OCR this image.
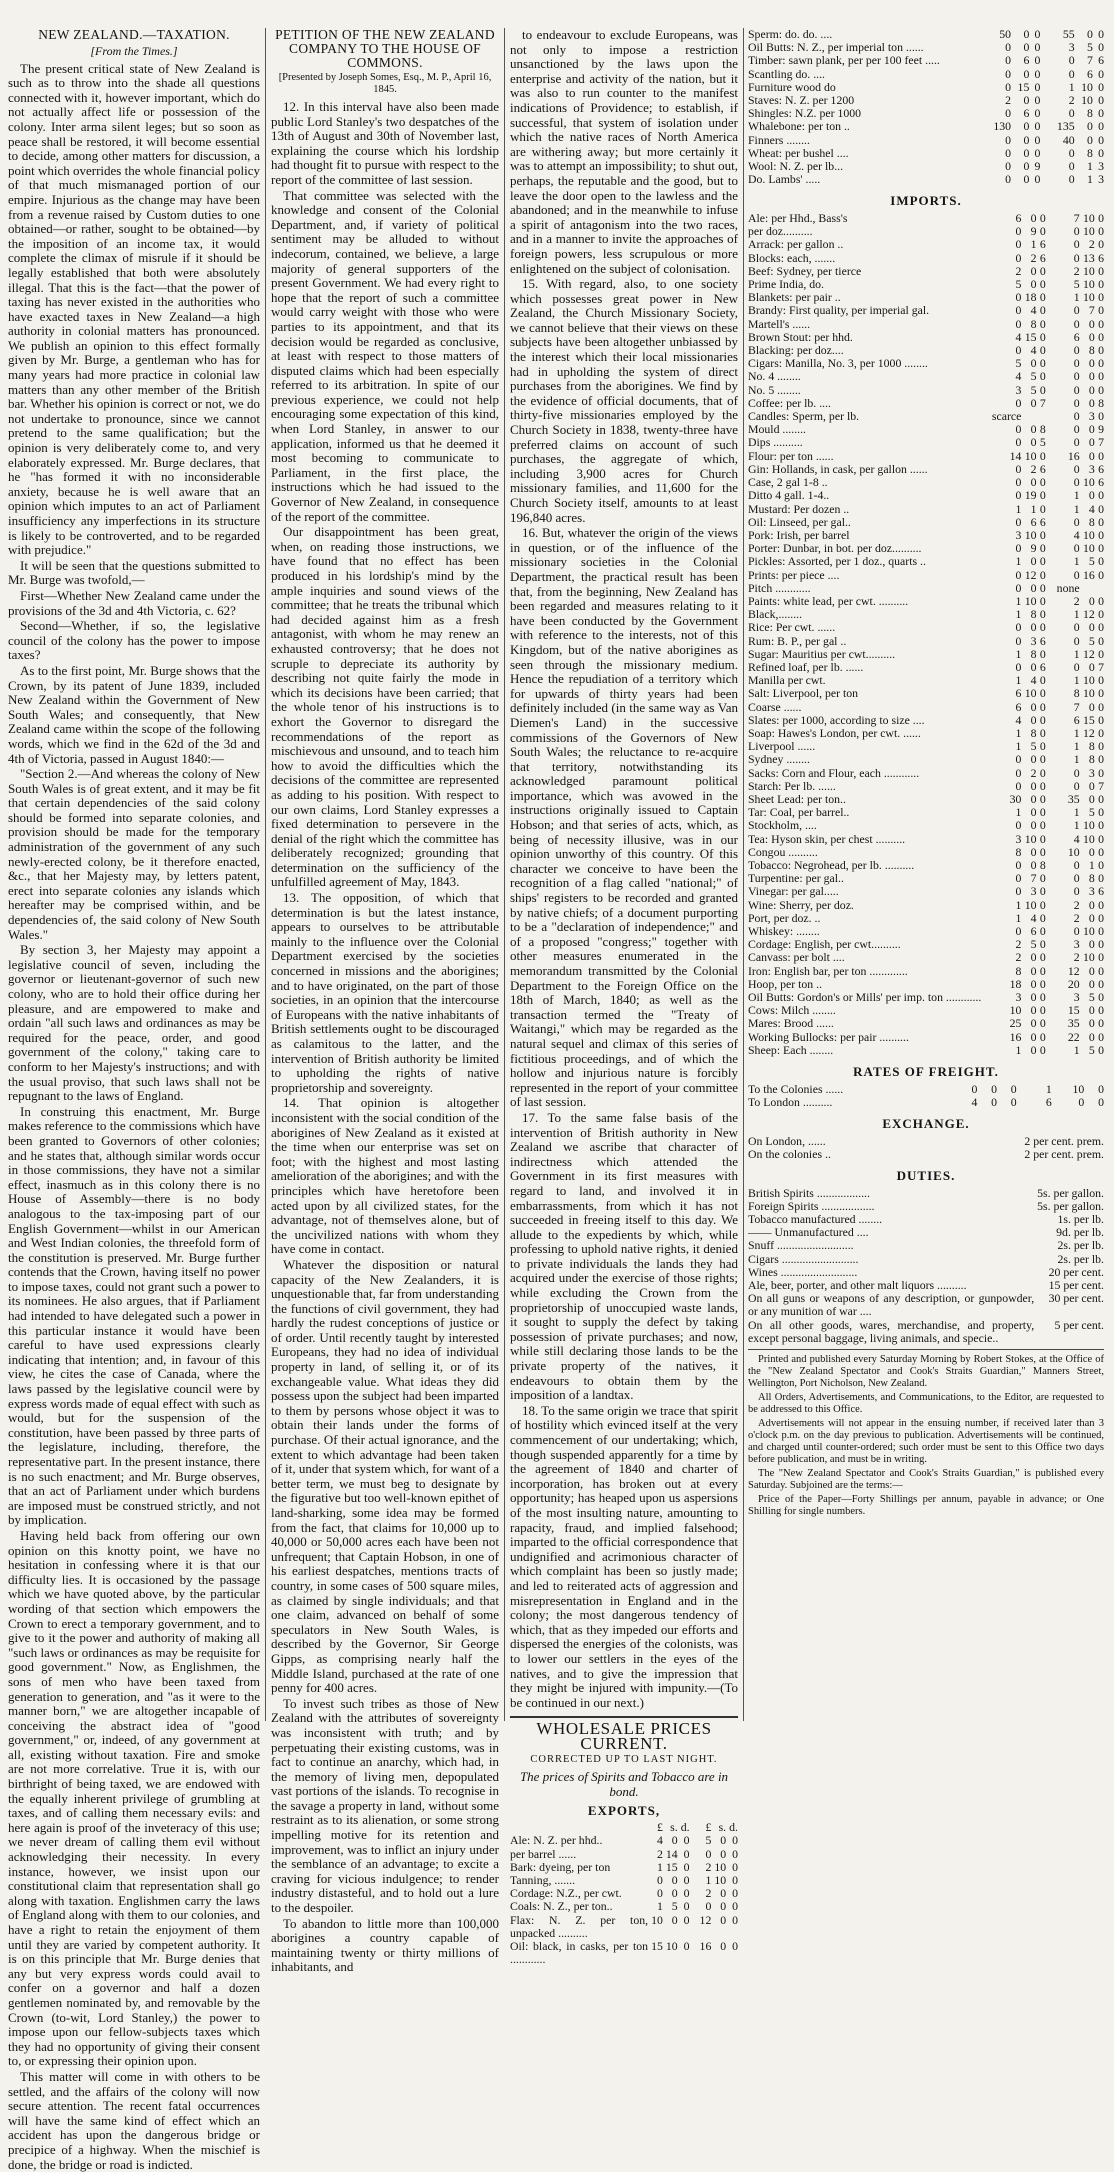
NEW ZEALAND.—TAXATION.
[From the Times.]

The present critical state of New Zealand is such as to throw into the shade all questions connected with it, however important, which do not actually affect life or possession of the colony. Inter arma silent leges; but so soon as peace shall be restored, it will become essential to decide, among other matters for discussion, a point which overrides the whole financial policy of that much mismanaged portion of our empire. Injurious as the change may have been from a revenue raised by Custom duties to one obtained—or rather, sought to be obtained—by the imposition of an income tax, it would complete the climax of misrule if it should be legally established that both were absolutely illegal. That this is the fact—that the power of taxing has never existed in the authorities who have exacted taxes in New Zealand—a high authority in colonial matters has pronounced. We publish an opinion to this effect formally given by Mr. Burge, a gentleman who has for many years had more practice in colonial law matters than any other member of the British bar. Whether his opinion is correct or not, we do not undertake to pronounce, since we cannot pretend to the same qualification; but the opinion is very deliberately come to, and very elaborately expressed. Mr. Burge declares, that he "has formed it with no inconsiderable anxiety, because he is well aware that an opinion which imputes to an act of Parliament insufficiency any imperfections in its structure is likely to be controverted, and to be regarded with prejudice."

It will be seen that the questions submitted to Mr. Burge was twofold,—

First—Whether New Zealand came under the provisions of the 3d and 4th Victoria, c. 62?

Second—Whether, if so, the legislative council of the colony has the power to impose taxes?

As to the first point, Mr. Burge shows that the Crown, by its patent of June 1839, included New Zealand within the Government of New South Wales; and consequently, that New Zealand came within the scope of the following words, which we find in the 62d of the 3d and 4th of Victoria, passed in August 1840:—

"Section 2.—And whereas the colony of New South Wales is of great extent, and it may be fit that certain dependencies of the said colony should be formed into separate colonies, and provision should be made for the temporary administration of the government of any such newly-erected colony, be it therefore enacted, &c., that her Majesty may, by letters patent, erect into separate colonies any islands which hereafter may be comprised within, and be dependencies of, the said colony of New South Wales."

By section 3, her Majesty may appoint a legislative council of seven, including the governor or lieutenant-governor of such new colony, who are to hold their office during her pleasure, and are empowered to make and ordain "all such laws and ordinances as may be required for the peace, order, and good government of the colony," taking care to conform to her Majesty's instructions; and with the usual proviso, that such laws shall not be repugnant to the laws of England.

In construing this enactment, Mr. Burge makes reference to the commissions which have been granted to Governors of other colonies; and he states that, although similar words occur in those commissions, they have not a similar effect, inasmuch as in this colony there is no House of Assembly—there is no body analogous to the tax-imposing part of our English Government—whilst in our American and West Indian colonies, the threefold form of the constitution is preserved. Mr. Burge further contends that the Crown, having itself no power to impose taxes, could not grant such a power to its nominees. He also argues, that if Parliament had intended to have delegated such a power in this particular instance it would have been careful to have used expressions clearly indicating that intention; and, in favour of this view, he cites the case of Canada, where the laws passed by the legislative council were by express words made of equal effect with such as would, but for the suspension of the constitution, have been passed by three parts of the legislature, including, therefore, the representative part. In the present instance, there is no such enactment; and Mr. Burge observes, that an act of Parliament under which burdens are imposed must be construed strictly, and not by implication.

Having held back from offering our own opinion on this knotty point, we have no hesitation in confessing where it is that our difficulty lies. It is occasioned by the passage which we have quoted above, by the particular wording of that section which empowers the Crown to erect a temporary government, and to give to it the power and authority of making all "such laws or ordinances as may be requisite for good government." Now, as Englishmen, the sons of men who have been taxed from generation to generation, and "as it were to the manner born," we are altogether incapable of conceiving the abstract idea of "good government," or, indeed, of any government at all, existing without taxation. Fire and smoke are not more correlative. True it is, with our birthright of being taxed, we are endowed with the equally inherent privilege of grumbling at taxes, and of calling them necessary evils: and here again is proof of the inveteracy of this use; we never dream of calling them evil without acknowledging their necessity. In every instance, however, we insist upon our constitutional claim that representation shall go along with taxation. Englishmen carry the laws of England along with them to our colonies, and have a right to retain the enjoyment of them until they are varied by competent authority. It is on this principle that Mr. Burge denies that any but very express words could avail to confer on a governor and half a dozen gentlemen nominated by, and removable by the Crown (to-wit, Lord Stanley,) the power to impose upon our fellow-subjects taxes which they had no opportunity of giving their consent to, or expressing their opinion upon.

This matter will come in with others to be settled, and the affairs of the colony will now secure attention. The recent fatal occurrences will have the same kind of effect which an accident has upon the dangerous bridge or precipice of a highway. When the mischief is done, the bridge or road is indicted.

PETITION OF THE NEW ZEALAND COMPANY TO THE HOUSE OF COMMONS.
[Presented by Joseph Somes, Esq., M. P., April 16, 1845.

12. In this interval have also been made public Lord Stanley's two despatches of the 13th of August and 30th of November last, explaining the course which his lordship had thought fit to pursue with respect to the report of the committee of last session.

That committee was selected with the knowledge and consent of the Colonial Department, and, if variety of political sentiment may be alluded to without indecorum, contained, we believe, a large majority of general supporters of the present Government. We had every right to hope that the report of such a committee would carry weight with those who were parties to its appointment, and that its decision would be regarded as conclusive, at least with respect to those matters of disputed claims which had been especially referred to its arbitration. In spite of our previous experience, we could not help encouraging some expectation of this kind, when Lord Stanley, in answer to our application, informed us that he deemed it most becoming to communicate to Parliament, in the first place, the instructions which he had issued to the Governor of New Zealand, in consequence of the report of the committee.

Our disappointment has been great, when, on reading those instructions, we have found that no effect has been produced in his lordship's mind by the ample inquiries and sound views of the committee; that he treats the tribunal which had decided against him as a fresh antagonist, with whom he may renew an exhausted controversy; that he does not scruple to depreciate its authority by describing not quite fairly the mode in which its decisions have been carried; that the whole tenor of his instructions is to exhort the Governor to disregard the recommendations of the report as mischievous and unsound, and to teach him how to avoid the difficulties which the decisions of the committee are represented as adding to his position. With respect to our own claims, Lord Stanley expresses a fixed determination to persevere in the denial of the right which the committee has deliberately recognized; grounding that determination on the sufficiency of the unfulfilled agreement of May, 1843.

13. The opposition, of which that determination is but the latest instance, appears to ourselves to be attributable mainly to the influence over the Colonial Department exercised by the societies concerned in missions and the aborigines; and to have originated, on the part of those societies, in an opinion that the intercourse of Europeans with the native inhabitants of British settlements ought to be discouraged as calamitous to the latter, and the intervention of British authority be limited to upholding the rights of native proprietorship and sovereignty.

14. That opinion is altogether inconsistent with the social condition of the aborigines of New Zealand as it existed at the time when our enterprise was set on foot; with the highest and most lasting amelioration of the aborigines; and with the principles which have heretofore been acted upon by all civilized states, for the advantage, not of themselves alone, but of the uncivilized nations with whom they have come in contact.

Whatever the disposition or natural capacity of the New Zealanders, it is unquestionable that, far from understanding the functions of civil government, they had hardly the rudest conceptions of justice or of order. Until recently taught by interested Europeans, they had no idea of individual property in land, of selling it, or of its exchangeable value. What ideas they did possess upon the subject had been imparted to them by persons whose object it was to obtain their lands under the forms of purchase. Of their actual ignorance, and the extent to which advantage had been taken of it, under that system which, for want of a better term, we must beg to designate by the figurative but too well-known epithet of land-sharking, some idea may be formed from the fact, that claims for 10,000 up to 40,000 or 50,000 acres each have been not unfrequent; that Captain Hobson, in one of his earliest despatches, mentions tracts of country, in some cases of 500 square miles, as claimed by single individuals; and that one claim, advanced on behalf of some speculators in New South Wales, is described by the Governor, Sir George Gipps, as comprising nearly half the Middle Island, purchased at the rate of one penny for 400 acres.

To invest such tribes as those of New Zealand with the attributes of sovereignty was inconsistent with truth; and by perpetuating their existing customs, was in fact to continue an anarchy, which had, in the memory of living men, depopulated vast portions of the islands. To recognise in the savage a property in land, without some restraint as to its alienation, or some strong impelling motive for its retention and improvement, was to inflict an injury under the semblance of an advantage; to excite a craving for vicious indulgence; to render industry distasteful, and to hold out a lure to the despoiler.

To abandon to little more than 100,000 aborigines a country capable of maintaining twenty or thirty millions of inhabitants, and

to endeavour to exclude Europeans, was not only to impose a restriction unsanctioned by the laws upon the enterprise and activity of the nation, but it was also to run counter to the manifest indications of Providence; to establish, if successful, that system of isolation under which the native races of North America are withering away; but more certainly it was to attempt an impossibility; to shut out, perhaps, the reputable and the good, but to leave the door open to the lawless and the abandoned; and in the meanwhile to infuse a spirit of antagonism into the two races, and in a manner to invite the approaches of foreign powers, less scrupulous or more enlightened on the subject of colonisation.

15. With regard, also, to one society which possesses great power in New Zealand, the Church Missionary Society, we cannot believe that their views on these subjects have been altogether unbiassed by the interest which their local missionaries had in upholding the system of direct purchases from the aborigines. We find by the evidence of official documents, that of thirty-five missionaries employed by the Church Society in 1838, twenty-three have preferred claims on account of such purchases, the aggregate of which, including 3,900 acres for Church missionary families, and 11,600 for the Church Society itself, amounts to at least 196,840 acres.

16. But, whatever the origin of the views in question, or of the influence of the missionary societies in the Colonial Department, the practical result has been that, from the beginning, New Zealand has been regarded and measures relating to it have been conducted by the Government with reference to the interests, not of this Kingdom, but of the native aborigines as seen through the missionary medium. Hence the repudiation of a territory which for upwards of thirty years had been definitely included (in the same way as Van Diemen's Land) in the successive commissions of the Governors of New South Wales; the reluctance to re-acquire that territory, notwithstanding its acknowledged paramount political importance, which was avowed in the instructions originally issued to Captain Hobson; and that series of acts, which, as being of necessity illusive, was in our opinion unworthy of this country. Of this character we conceive to have been the recognition of a flag called "national;" of ships' registers to be recorded and granted by native chiefs; of a document purporting to be a "declaration of independence;" and of a proposed "congress;" together with other measures enumerated in the memorandum transmitted by the Colonial Department to the Foreign Office on the 18th of March, 1840; as well as the transaction termed the "Treaty of Waitangi," which may be regarded as the natural sequel and climax of this series of fictitious proceedings, and of which the hollow and injurious nature is forcibly represented in the report of your committee of last session.

17. To the same false basis of the intervention of British authority in New Zealand we ascribe that character of indirectness which attended the Government in its first measures with regard to land, and involved it in embarrassments, from which it has not succeeded in freeing itself to this day. We allude to the expedients by which, while professing to uphold native rights, it denied to private individuals the lands they had acquired under the exercise of those rights; while excluding the Crown from the proprietorship of unoccupied waste lands, it sought to supply the defect by taking possession of private purchases; and now, while still declaring those lands to be the private property of the natives, it endeavours to obtain them by the imposition of a landtax.

18. To the same origin we trace that spirit of hostility which evinced itself at the very commencement of our undertaking; which, though suspended apparently for a time by the agreement of 1840 and charter of incorporation, has broken out at every opportunity; has heaped upon us aspersions of the most insulting nature, amounting to rapacity, fraud, and implied falsehood; imparted to the official correspondence that undignified and acrimonious character of which complaint has been so justly made; and led to reiterated acts of aggression and misrepresentation in England and in the colony; the most dangerous tendency of which, that as they impeded our efforts and dispersed the energies of the colonists, was to lower our settlers in the eyes of the natives, and to give the impression that they might be injured with impunity.—(To be continued in our next.)

WHOLESALE PRICES CURRENT.
CORRECTED UP TO LAST NIGHT.
The prices of Spirits and Tobacco are in bond.
EXPORTS,
	£	s.	d.	£	s.	d.
Ale: N. Z. per hhd..	4	0	0	5	0	0
per barrel ......	2	14	0	0	0	0
Bark: dyeing, per ton	1	15	0	2	10	0
Tanning, .......	0	0	0	1	10	0
Cordage: N.Z., per cwt.	0	0	0	2	0	0
Coals: N. Z., per ton..	1	5	0	0	0	0
Flax: N. Z. per ton, unpacked ..........	10	0	0	12	0	0
Oil: black, in casks, per ton ............	15	10	0	16	0	0
Sperm: do. do. ....	50	0	0	55	0	0
Oil Butts: N. Z., per imperial ton ......	0	0	0	3	5	0
Timber: sawn plank, per per 100 feet .....	0	6	0	0	7	6
Scantling do. ....	0	0	0	0	6	0
Furniture wood do	0	15	0	1	10	0
Staves: N. Z. per 1200	2	0	0	2	10	0
Shingles: N.Z. per 1000	0	6	0	0	8	0
Whalebone: per ton ..	130	0	0	135	0	0
Finners ........	0	0	0	40	0	0
Wheat: per bushel ....	0	0	0	0	8	0
Wool: N. Z. per lb...	0	0	9	0	1	3
Do. Lambs' .....	0	0	0	0	1	3
IMPORTS.
Ale: per Hhd., Bass's	6	0	0	7	10	0
per doz..........	0	9	0	0	10	0
Arrack: per gallon ..	0	1	6	0	2	0
Blocks: each, .......	0	2	6	0	13	6
Beef: Sydney, per tierce	2	0	0	2	10	0
Prime India, do.	5	0	0	5	10	0
Blankets: per pair ..	0	18	0	1	10	0
Brandy: First quality, per imperial gal.	0	4	0	0	7	0
Martell's ......	0	8	0	0	0	0
Brown Stout: per hhd.	4	15	0	6	0	0
Blacking: per doz....	0	4	0	0	8	0
Cigars: Manilla, No. 3, per 1000 ........	5	0	0	0	0	0
No. 4 ........	4	5	0	0	0	0
No. 5 ........	3	5	0	0	0	0
Coffee: per lb. ....	0	0	7	0	0	8
Candles: Sperm, per lb.	scarce			0	3	0
Mould ........	0	0	8	0	0	9
Dips ..........	0	0	5	0	0	7
Flour: per ton ......	14	10	0	16	0	0
Gin: Hollands, in cask, per gallon ......	0	2	6	0	3	6
Case, 2 gal 1-8 ..	0	0	0	0	10	6
Ditto 4 gall. 1-4..	0	19	0	1	0	0
Mustard: Per dozen ..	1	1	0	1	4	0
Oil: Linseed, per gal..	0	6	6	0	8	0
Pork: Irish, per barrel	3	10	0	4	10	0
Porter: Dunbar, in bot. per doz..........	0	9	0	0	10	0
Pickles: Assorted, per 1 doz., quarts ..	1	0	0	1	5	0
Prints: per piece ....	0	12	0	0	16	0
Pitch ............	0	0	0	none		
Paints: white lead, per cwt. ..........	1	10	0	2	0	0
Black,........	1	8	0	1	12	0
Rice: Per cwt. ......	0	0	0	0	0	0
Rum: B. P., per gal ..	0	3	6	0	5	0
Sugar: Mauritius per cwt..........	1	8	0	1	12	0
Refined loaf, per lb. ......	0	0	6	0	0	7
Manilla per cwt.	1	4	0	1	10	0
Salt: Liverpool, per ton	6	10	0	8	10	0
Coarse ......	6	0	0	7	0	0
Slates: per 1000, according to size ....	4	0	0	6	15	0
Soap: Hawes's London, per cwt. ......	1	8	0	1	12	0
Liverpool ......	1	5	0	1	8	0
Sydney ........	0	0	0	1	8	0
Sacks: Corn and Flour, each ............	0	2	0	0	3	0
Starch: Per lb. ......	0	0	0	0	0	7
Sheet Lead: per ton..	30	0	0	35	0	0
Tar: Coal, per barrel..	1	0	0	1	5	0
Stockholm, ....	0	0	0	1	10	0
Tea: Hyson skin, per chest ..........	3	10	0	4	10	0
Congou ..........	8	0	0	10	0	0
Tobacco: Negrohead, per lb. ..........	0	0	8	0	1	0
Turpentine: per gal..	0	7	0	0	8	0
Vinegar: per gal.....	0	3	0	0	3	6
Wine: Sherry, per doz.	1	10	0	2	0	0
Port, per doz. ..	1	4	0	2	0	0
Whiskey: ........	0	6	0	0	10	0
Cordage: English, per cwt..........	2	5	0	3	0	0
Canvass: per bolt ....	2	0	0	2	10	0
Iron: English bar, per ton .............	8	0	0	12	0	0
Hoop, per ton ..	18	0	0	20	0	0
Oil Butts: Gordon's or Mills' per imp. ton ............	3	0	0	3	5	0
Cows: Milch ........	10	0	0	15	0	0
Mares: Brood ......	25	0	0	35	0	0
Working Bullocks: per pair ..........	16	0	0	22	0	0
Sheep: Each ........	1	0	0	1	5	0
RATES OF FREIGHT.
To the Colonies ......	0	0	0	1	10	0
To London ..........	4	0	0	6	0	0
EXCHANGE.
On London, ......	2 per cent. prem.
On the colonies ..	2 per cent. prem.
DUTIES.
British Spirits ..................	5s. per gallon.
Foreign Spirits ..................	5s. per gallon.
Tobacco manufactured ........	1s. per lb.
—— Unmanufactured ....	9d. per lb.
Snuff ..........................	2s. per lb.
Cigars ..........................	2s. per lb.
Wines ..........................	20 per cent.
Ale, beer, porter, and other malt liquors ..........	15 per cent.
On all guns or weapons of any description, or gunpowder, or any munition of war ....	30 per cent.
On all other goods, wares, merchandise, and property, except personal baggage, living animals, and specie..	5 per cent.

Printed and published every Saturday Morning by Robert Stokes, at the Office of the "New Zealand Spectator and Cook's Straits Guardian," Manners Street, Wellington, Port Nicholson, New Zealand.

All Orders, Advertisements, and Communications, to the Editor, are requested to be addressed to this Office.

Advertisements will not appear in the ensuing number, if received later than 3 o'clock p.m. on the day previous to publication. Advertisements will be continued, and charged until counter-ordered; such order must be sent to this Office two days before publication, and must be in writing.

The "New Zealand Spectator and Cook's Straits Guardian," is published every Saturday. Subjoined are the terms:—

Price of the Paper—Forty Shillings per annum, payable in advance; or One Shilling for single numbers.
